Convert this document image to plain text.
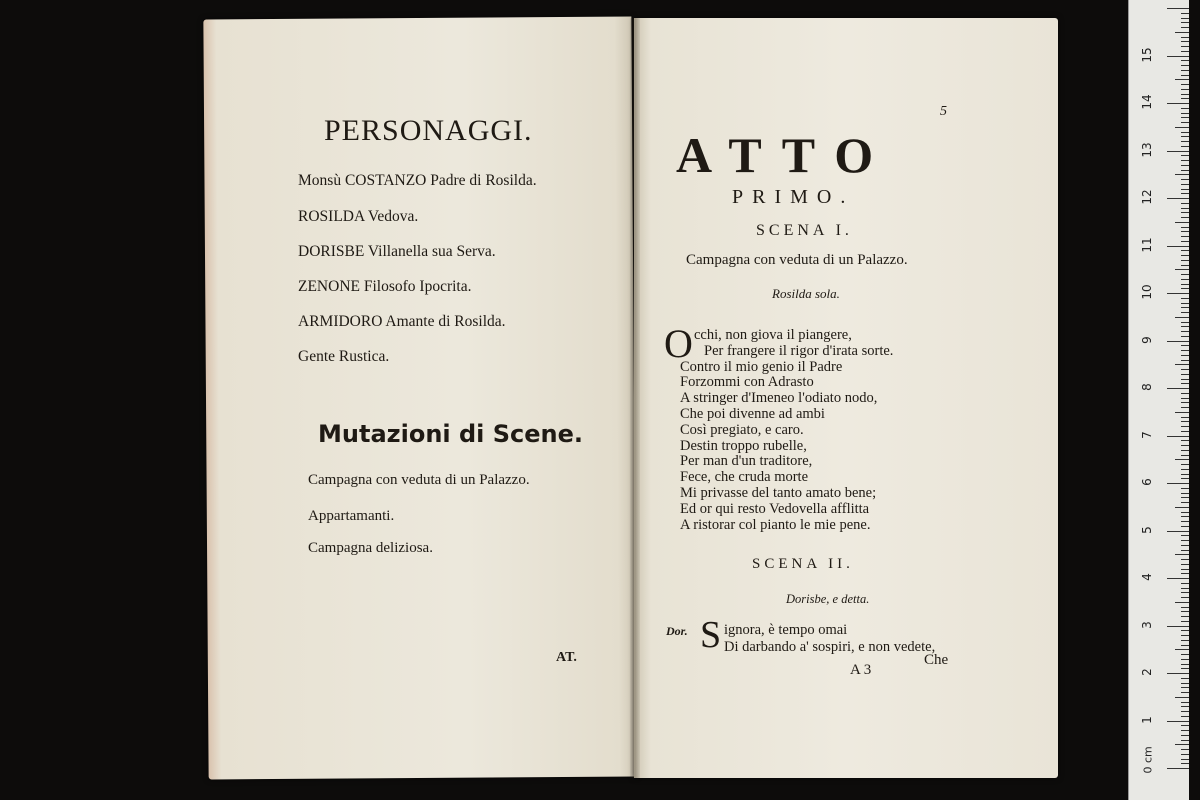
PERSONAGGI.
Monsù COSTANZO Padre di Rosilda.
ROSILDA Vedova.
DORISBE Villanella sua Serva.
ZENONE Filosofo Ipocrita.
ARMIDORO Amante di Rosilda.
Gente Rustica.
Mutazioni di Scene.
Campagna con veduta di un Palazzo.
Appartamanti.
Campagna deliziosa.
AT.
5
ATTO
PRIMO.
SCENA I.
Campagna con veduta di un Palazzo.
Rosilda sola.
O cchi, non giova il piangere,
Per frangere il rigor d'irata sorte.
Contro il mio genio il Padre
Forzommi con Adrasto
A stringer d'Imeneo l'odiato nodo,
Che poi divenne ad ambi
Così pregiato, e caro.
Destin troppo rubelle,
Per man d'un traditore,
Fece, che cruda morte
Mi privasse del tanto amato bene;
Ed or qui resto Vedovella afflitta
A ristorar col pianto le mie pene.
SCENA II.
Dorisbe, e detta.
Dor. S ignora, è tempo omai
Di darbando a' sospiri, e non vedete,
A 3
Che
1
2
3
4
5
6
7
8
9
10
11
12
13
14
15
0 cm
